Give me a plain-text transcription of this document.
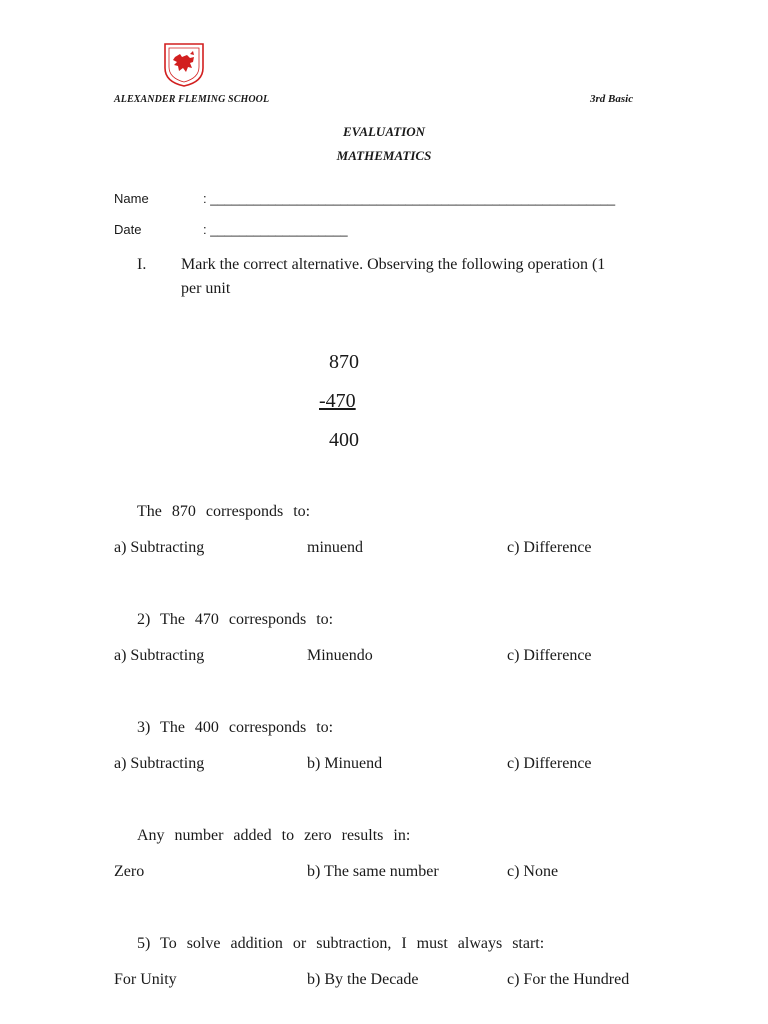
ALEXANDER FLEMING SCHOOL	3rd Basic
EVALUATION
MATHEMATICS
Name	: ________________________________________________________
Date	: ___________________
I. Mark the correct alternative. Observing the following operation (1
per unit
870
-470
400
The 870 corresponds to:
a) Subtracting	minuend	c) Difference
2) The 470 corresponds to:
a) Subtracting	Minuendo	c) Difference
3) The 400 corresponds to:
a) Subtracting	b) Minuend	c) Difference
Any number added to zero results in:
Zero	b) The same number	c) None
5) To solve addition or subtraction, I must always start:
For Unity	b) By the Decade	c) For the Hundred
